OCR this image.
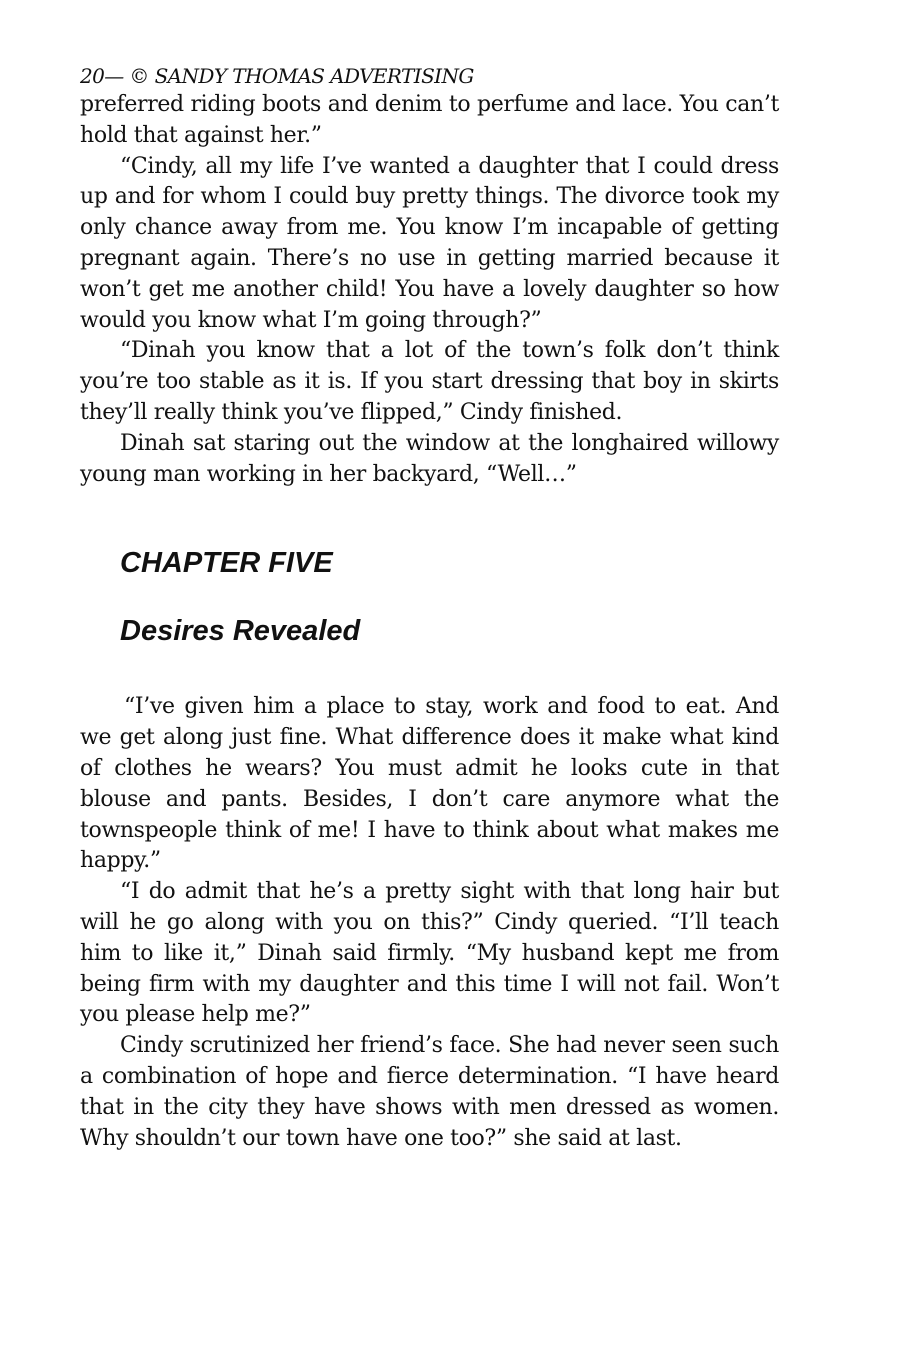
20— © SANDY THOMAS ADVERTISING

preferred riding boots and denim to perfume and lace. You can’t hold that against her.”

“Cindy, all my life I’ve wanted a daughter that I could dress up and for whom I could buy pretty things. The divorce took my only chance away from me. You know I’m incapable of getting pregnant again. There’s no use in getting married because it won’t get me another child! You have a lovely daughter so how would you know what I’m going through?”

“Dinah you know that a lot of the town’s folk don’t think you’re too stable as it is. If you start dressing that boy in skirts they’ll really think you’ve flipped,” Cindy finished.

Dinah sat staring out the window at the longhaired willowy young man working in her backyard, “Well…”

CHAPTER FIVE
Desires Revealed

“I’ve given him a place to stay, work and food to eat. And we get along just fine. What difference does it make what kind of clothes he wears? You must admit he looks cute in that blouse and pants. Besides, I don’t care anymore what the townspeople think of me! I have to think about what makes me happy.”

“I do admit that he’s a pretty sight with that long hair but will he go along with you on this?” Cindy queried. “I’ll teach him to like it,” Dinah said firmly. “My husband kept me from being firm with my daughter and this time I will not fail. Won’t you please help me?”

Cindy scrutinized her friend’s face. She had never seen such a combination of hope and fierce determination. “I have heard that in the city they have shows with men dressed as women. Why shouldn’t our town have one too?” she said at last.
